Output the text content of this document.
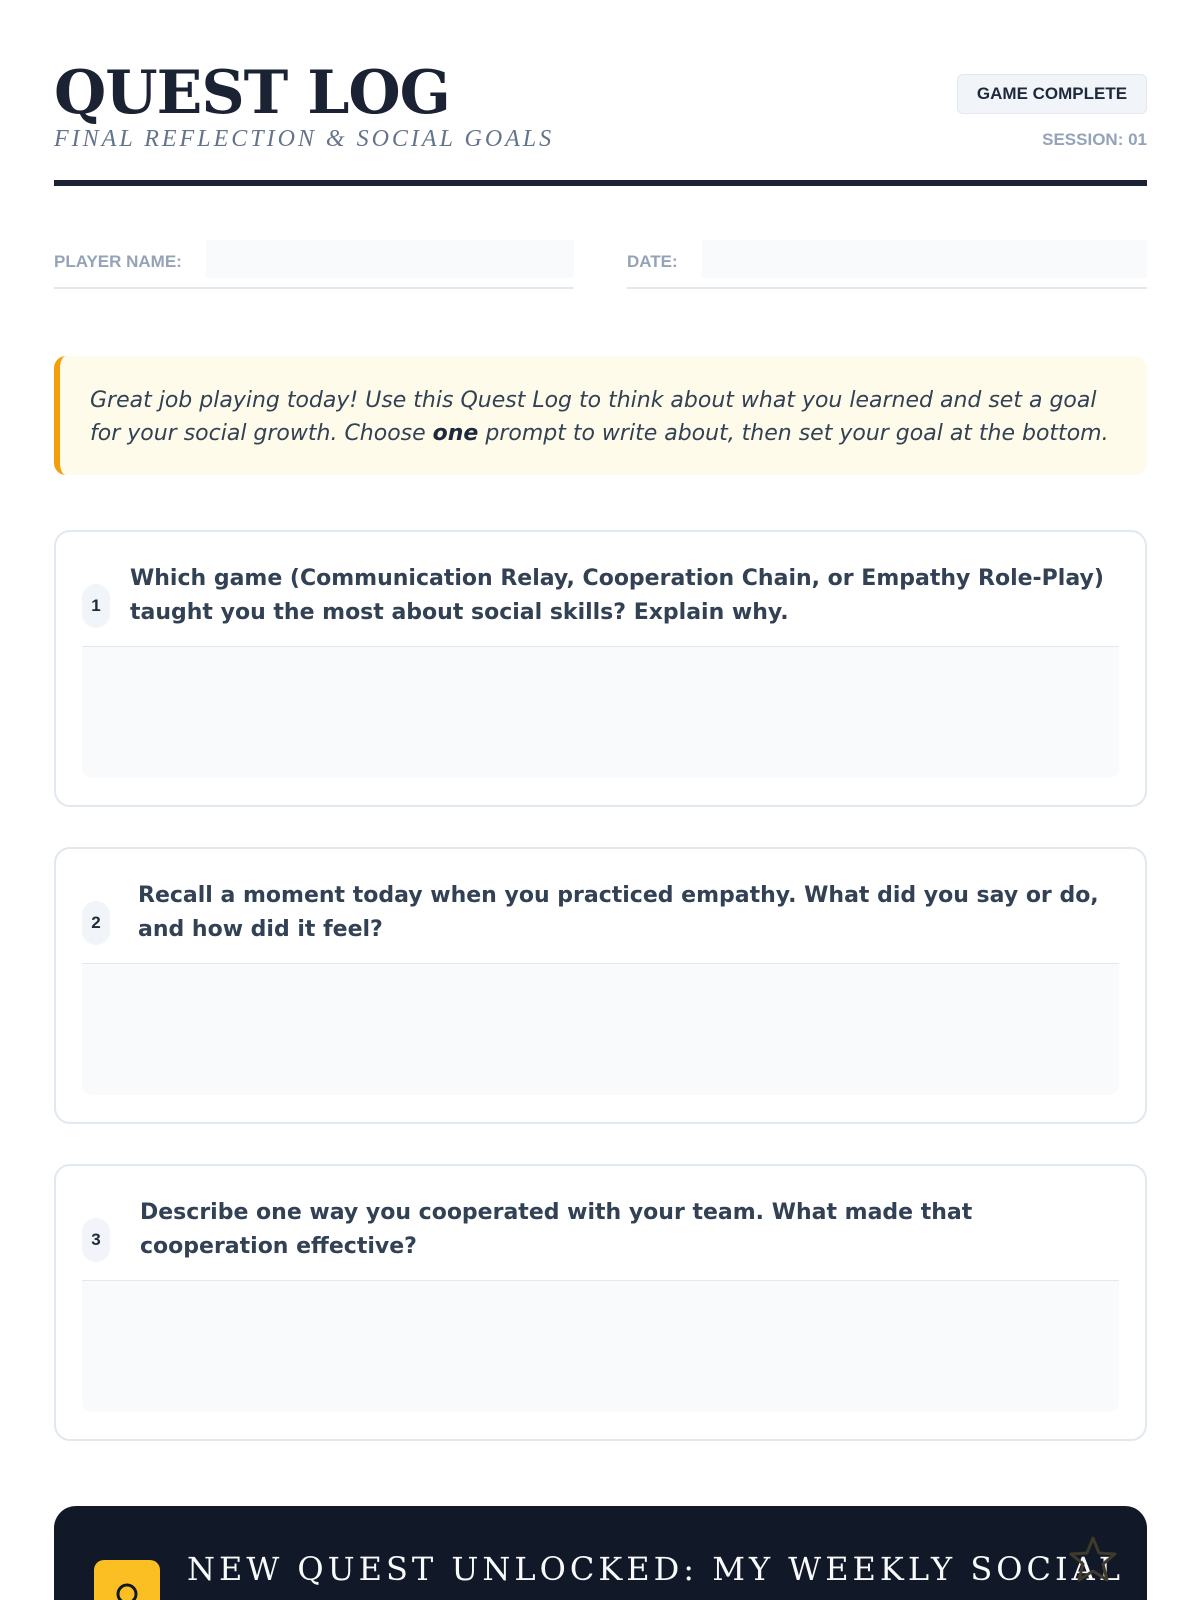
QUEST LOG
FINAL REFLECTION & SOCIAL GOALS
GAME COMPLETE
SESSION: 01
PLAYER NAME:	DATE:

Great job playing today! Use this Quest Log to think about what you learned and set a goal for your social growth. Choose one prompt to write about, then set your goal at the bottom.

1
Which game (Communication Relay, Cooperation Chain, or Empathy Role-Play) taught you the most about social skills? Explain why.
2
Recall a moment today when you practiced empathy. What did you say or do, and how did it feel?
3
Describe one way you cooperated with your team. What made that cooperation effective?
NEW QUEST UNLOCKED: MY WEEKLY SOCIAL
